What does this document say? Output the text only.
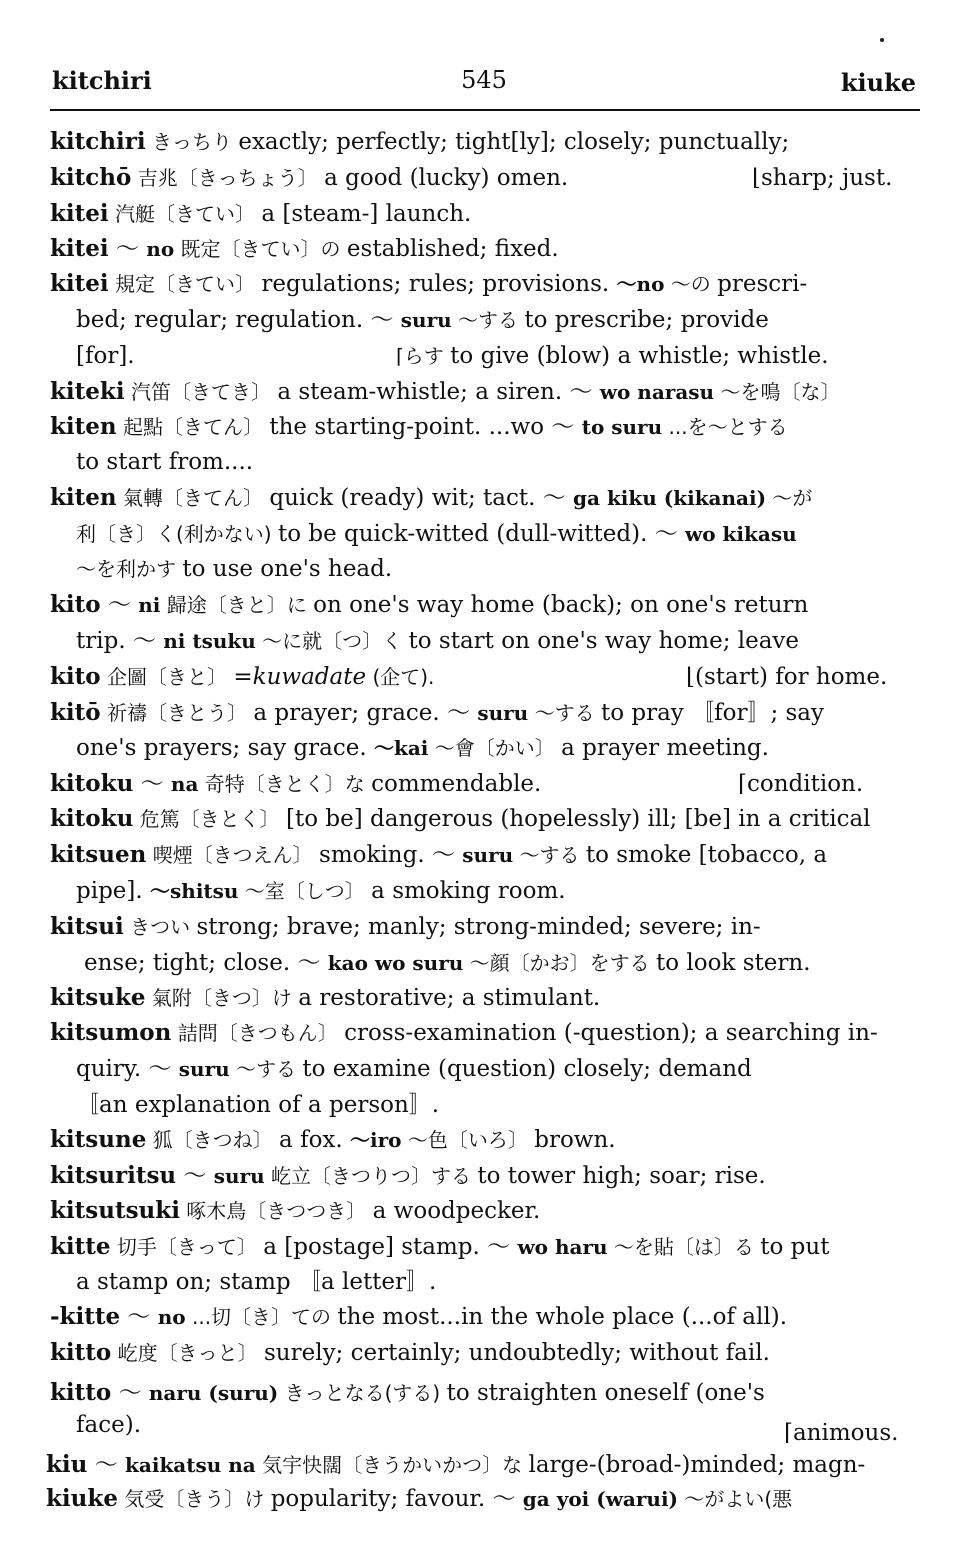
kitchiri	545	kiuke
kitchiri きっちり exactly; perfectly; tight[ly]; closely; punctually;
kitchō 吉兆〔きっちょう〕 a good (lucky) omen.	⌊sharp; just.
kitei 汽艇〔きてい〕 a [steam-] launch.
kitei ～ no 既定〔きてい〕の established; fixed.
kitei 規定〔きてい〕 regulations; rules; provisions. ～no ～の prescri-
bed; regular; regulation. ～ suru ～する to prescribe; provide
[for].	⌈らす to give (blow) a whistle; whistle.
kiteki 汽笛〔きてき〕 a steam-whistle; a siren. ～ wo narasu ～を鳴〔な〕
kiten 起點〔きてん〕 the starting-point. ...wo ～ to suru ...を～とする
to start from....
kiten 氣轉〔きてん〕 quick (ready) wit; tact. ～ ga kiku (kikanai) ～が
利〔き〕く(利かない) to be quick-witted (dull-witted). ～ wo kikasu
～を利かす to use one's head.
kito ～ ni 歸途〔きと〕に on one's way home (back); on one's return
trip. ～ ni tsuku ～に就〔つ〕く to start on one's way home; leave
kito 企圖〔きと〕 =kuwadate (企て).	⌊(start) for home.
kitō 祈禱〔きとう〕 a prayer; grace. ～ suru ～する to pray 〚for〛; say
one's prayers; say grace. ～kai ～會〔かい〕 a prayer meeting.
kitoku ～ na 奇特〔きとく〕な commendable.	⌈condition.
kitoku 危篤〔きとく〕 [to be] dangerous (hopelessly) ill; [be] in a critical
kitsuen 喫煙〔きつえん〕 smoking. ～ suru ～する to smoke [tobacco, a
pipe]. ～shitsu ～室〔しつ〕 a smoking room.
kitsui きつい strong; brave; manly; strong-minded; severe; in-
ense; tight; close. ～ kao wo suru ～顔〔かお〕をする to look stern.
kitsuke 氣附〔きつ〕け a restorative; a stimulant.
kitsumon 詰問〔きつもん〕 cross-examination (-question); a searching in-
quiry. ～ suru ～する to examine (question) closely; demand
〚an explanation of a person〛.
kitsune 狐〔きつね〕 a fox. ～iro ～色〔いろ〕 brown.
kitsuritsu ～ suru 屹立〔きつりつ〕する to tower high; soar; rise.
kitsutsuki 啄木鳥〔きつつき〕 a woodpecker.
kitte 切手〔きって〕 a [postage] stamp. ～ wo haru ～を貼〔は〕る to put
a stamp on; stamp 〚a letter〛.
-kitte ～ no ...切〔き〕ての the most...in the whole place (...of all).
kitto 屹度〔きっと〕 surely; certainly; undoubtedly; without fail.
kitto ～ naru (suru) きっとなる(する) to straighten oneself (one's
face).	⌈animous.
kiu ～ kaikatsu na 気宇快闊〔きうかいかつ〕な large-(broad-)minded; magn-
kiuke 気受〔きう〕け popularity; favour. ～ ga yoi (warui) ～がよい(悪
